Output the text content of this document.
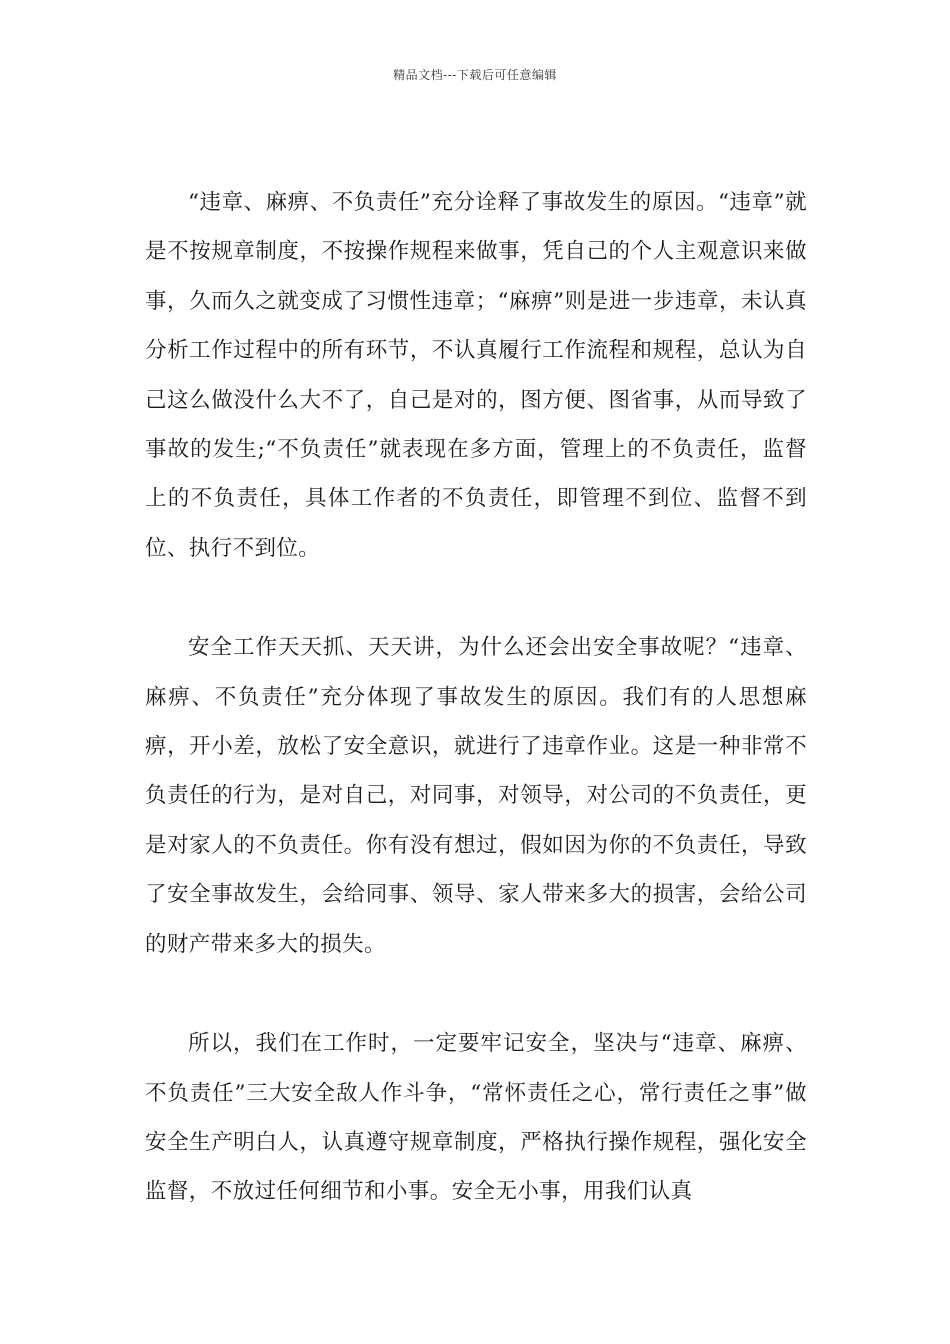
精品文档---下载后可任意编辑

“违章、麻痹、不负责任”充分诠释了事故发生的原因。“违章”就是不按规章制度，不按操作规程来做事，凭自己的个人主观意识来做事，久而久之就变成了习惯性违章；“麻痹”则是进一步违章，未认真分析工作过程中的所有环节，不认真履行工作流程和规程，总认为自己这么做没什么大不了，自己是对的，图方便、图省事，从而导致了事故的发生;“不负责任”就表现在多方面，管理上的不负责任，监督上的不负责任，具体工作者的不负责任，即管理不到位、监督不到位、执行不到位。

安全工作天天抓、天天讲，为什么还会出安全事故呢？“违章、麻痹、不负责任”充分体现了事故发生的原因。我们有的人思想麻痹，开小差，放松了安全意识，就进行了违章作业。这是一种非常不负责任的行为，是对自己，对同事，对领导，对公司的不负责任，更是对家人的不负责任。你有没有想过，假如因为你的不负责任，导致了安全事故发生，会给同事、领导、家人带来多大的损害，会给公司的财产带来多大的损失。

所以，我们在工作时，一定要牢记安全，坚决与“违章、麻痹、不负责任”三大安全敌人作斗争，“常怀责任之心，常行责任之事”做安全生产明白人，认真遵守规章制度，严格执行操作规程，强化安全监督，不放过任何细节和小事。安全无小事，用我们认真
